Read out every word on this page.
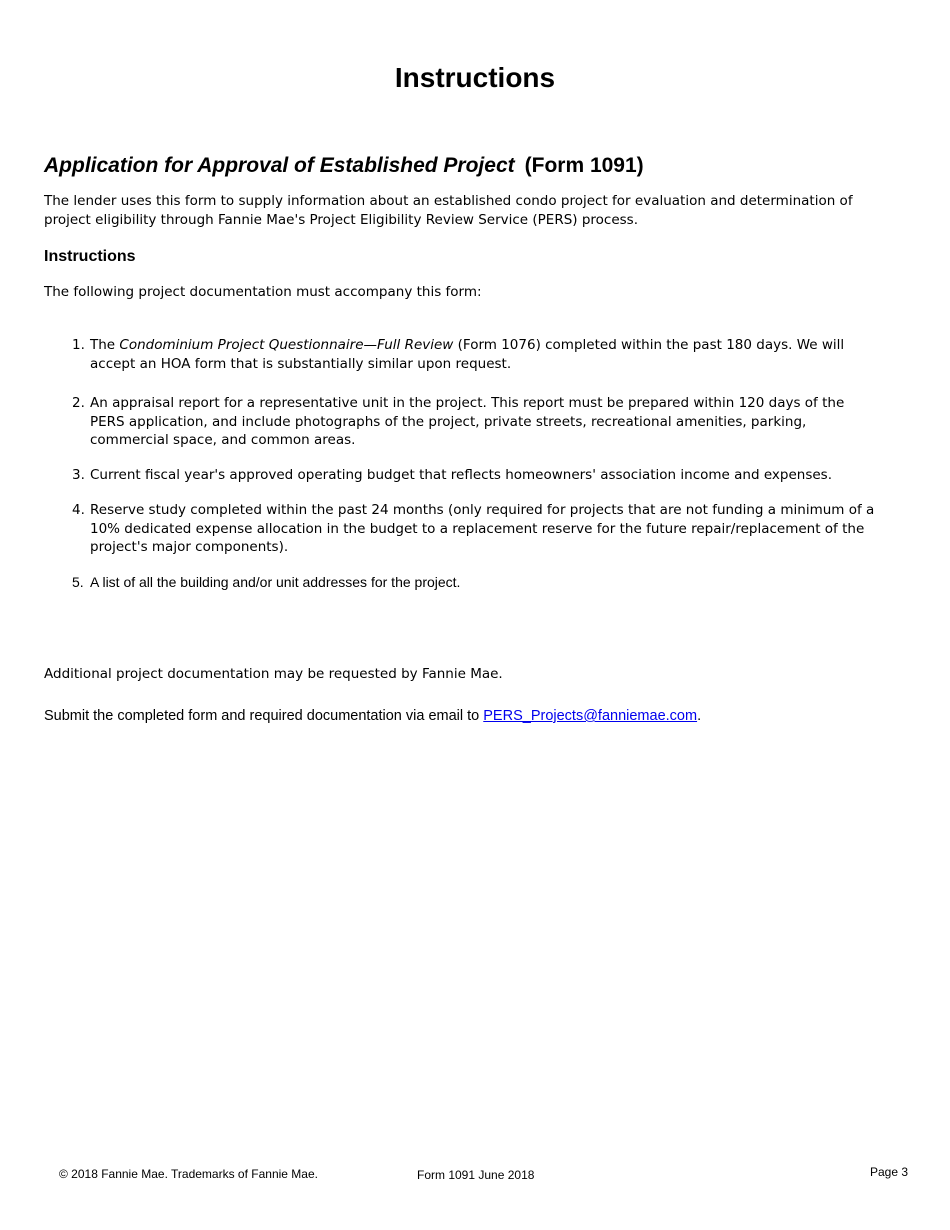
Instructions
Application for Approval of Established Project (Form 1091)

The lender uses this form to supply information about an established condo project for evaluation and determination of project eligibility through Fannie Mae's Project Eligibility Review Service (PERS) process.

Instructions

The following project documentation must accompany this form:

1. The Condominium Project Questionnaire—Full Review (Form 1076) completed within the past 180 days. We will accept an HOA form that is substantially similar upon request.
2. An appraisal report for a representative unit in the project. This report must be prepared within 120 days of the PERS application, and include photographs of the project, private streets, recreational amenities, parking, commercial space, and common areas.
3. Current fiscal year's approved operating budget that reflects homeowners' association income and expenses.
4. Reserve study completed within the past 24 months (only required for projects that are not funding a minimum of a 10% dedicated expense allocation in the budget to a replacement reserve for the future repair/replacement of the project's major components).
5. A list of all the building and/or unit addresses for the project.

Additional project documentation may be requested by Fannie Mae.

Submit the completed form and required documentation via email to PERS_Projects@fanniemae.com.

© 2018 Fannie Mae. Trademarks of Fannie Mae.	Form 1091 June 2018	Page 3
